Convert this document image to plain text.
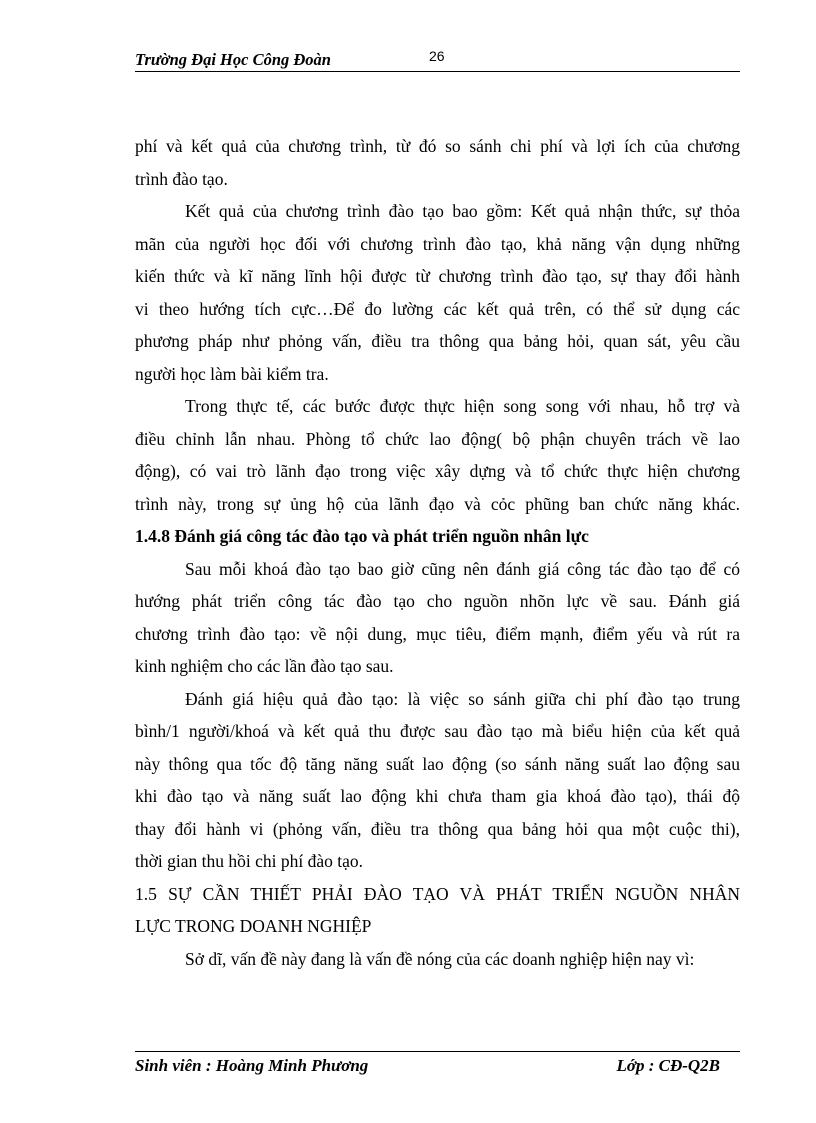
Trường Đại Học Công Đoàn	26
phí và kết quả của chương trình, từ đó so sánh chi phí và lợi ích của chương
trình đào tạo.
Kết quả của chương trình đào tạo bao gồm: Kết quả nhận thức, sự thỏa
mãn của người học đối với chương trình đào tạo, khả năng vận dụng những
kiến thức và kĩ năng lĩnh hội được từ chương trình đào tạo, sự thay đổi hành
vi theo hướng tích cực…Để đo lường các kết quả trên, có thể sử dụng các
phương pháp như phỏng vấn, điều tra thông qua bảng hỏi, quan sát, yêu cầu
người học làm bài kiểm tra.
Trong thực tế, các bước được thực hiện song song với nhau, hỗ trợ và
điều chỉnh lẫn nhau. Phòng tổ chức lao động( bộ phận chuyên trách về lao
động), có vai trò lãnh đạo trong việc xây dựng và tổ chức thực hiện chương
trình này, trong sự ủng hộ của lãnh đạo và cỏc phũng ban chức năng khác.
1.4.8 Đánh giá công tác đào tạo và phát triển nguồn nhân lực
Sau mỗi khoá đào tạo bao giờ cũng nên đánh giá công tác đào tạo để có
hướng phát triển công tác đào tạo cho nguồn nhõn lực về sau. Đánh giá
chương trình đào tạo: về nội dung, mục tiêu, điểm mạnh, điểm yếu và rút ra
kinh nghiệm cho các lần đào tạo sau.
Đánh giá hiệu quả đào tạo: là việc so sánh giữa chi phí đào tạo trung
bình/1 người/khoá và kết quả thu được sau đào tạo mà biểu hiện của kết quả
này thông qua tốc độ tăng năng suất lao động (so sánh năng suất lao động sau
khi đào tạo và năng suất lao động khi chưa tham gia khoá đào tạo), thái độ
thay đổi hành vi (phỏng vấn, điều tra thông qua bảng hỏi qua một cuộc thi),
thời gian thu hồi chi phí đào tạo.
1.5 SỰ CẦN THIẾT PHẢI ĐÀO TẠO VÀ PHÁT TRIỂN NGUỒN NHÂN
LỰC TRONG DOANH NGHIỆP
Sở dĩ, vấn đề này đang là vấn đề nóng của các doanh nghiệp hiện nay vì:
Sinh viên : Hoàng Minh Phương	Lớp : CĐ-Q2B
